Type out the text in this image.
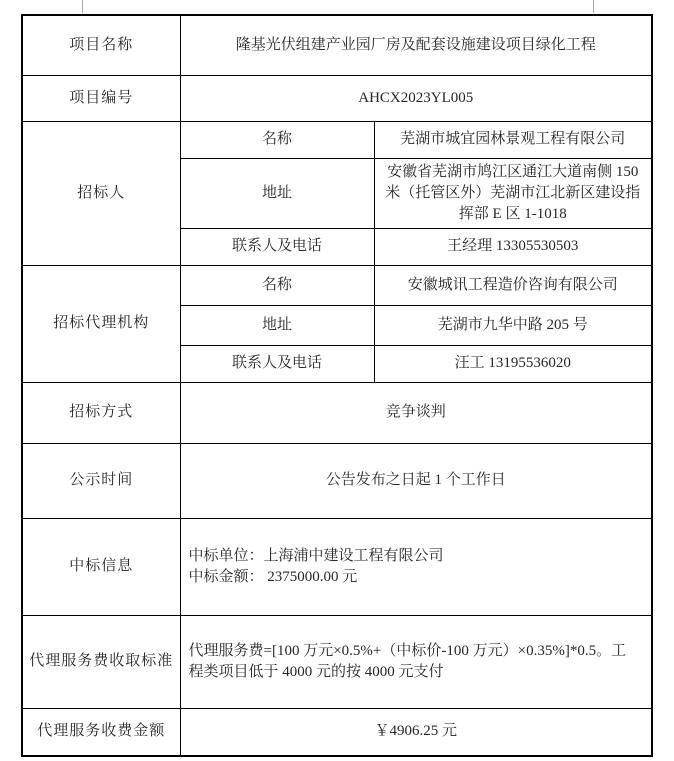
项目名称	隆基光伏组建产业园厂房及配套设施建设项目绿化工程	
项目编号	AHCX2023YL005	
招标人	名称	芜湖市城宜园林景观工程有限公司
	地址	安徽省芜湖市鸠江区通江大道南侧 150 米（托管区外）芜湖市江北新区建设指挥部 E 区 1-1018
	联系人及电话	王经理 13305530503
招标代理机构	名称	安徽城讯工程造价咨询有限公司
	地址	芜湖市九华中路 205 号
	联系人及电话	汪工 13195536020
招标方式	竞争谈判	
公示时间	公告发布之日起 1 个工作日	
中标信息	中标单位：上海浦中建设工程有限公司
中标金额： 2375000.00 元	

代理服务费收取标准	代理服务费=[100 万元×0.5%+（中标价-100 万元）×0.35%]*0.5。工程类项目低于 4000 元的按 4000 元支付	
代理服务收费金额	￥4906.25 元	
